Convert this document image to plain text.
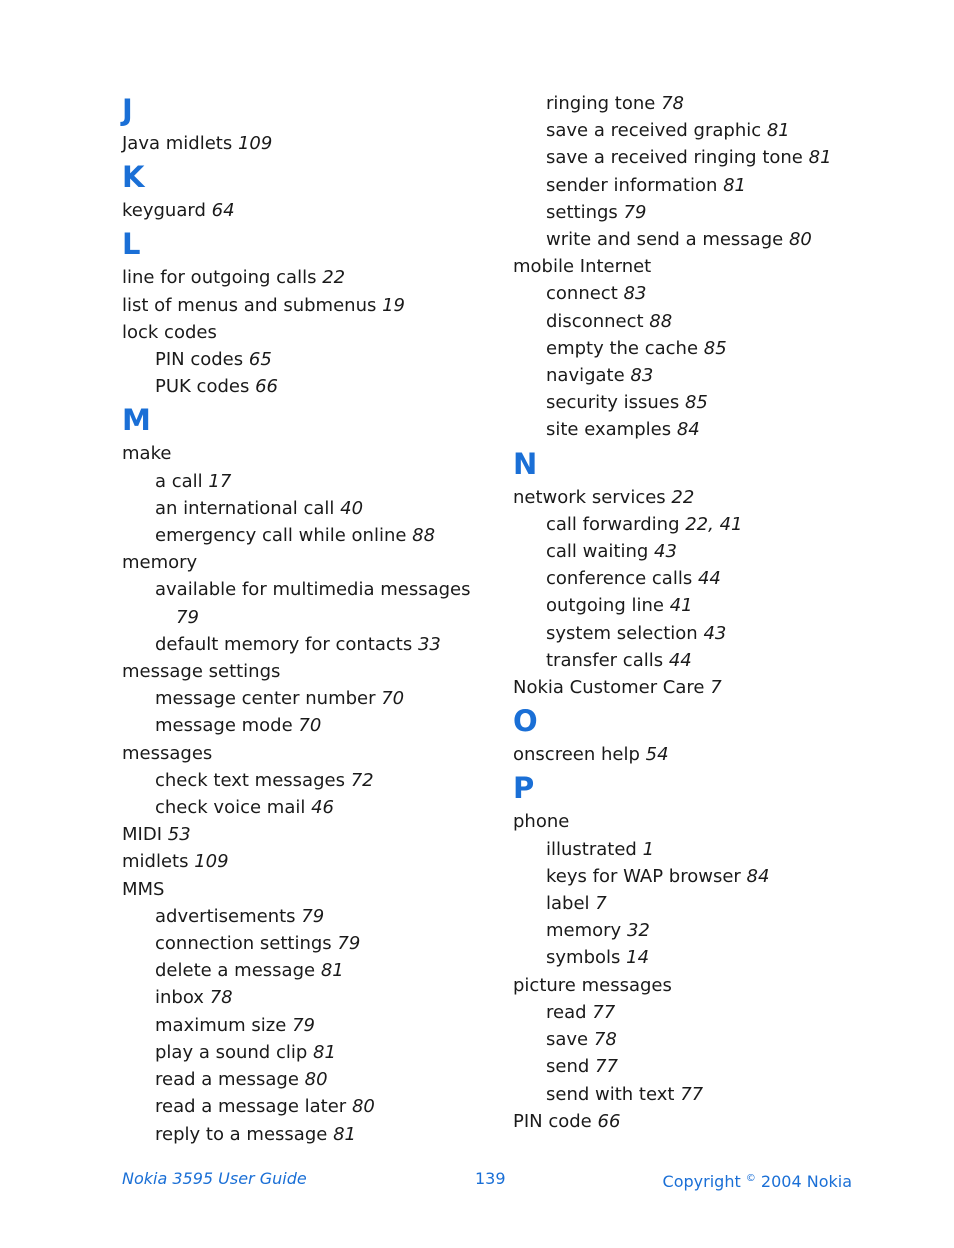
J
Java midlets 109
K
keyguard 64
L
line for outgoing calls 22
list of menus and submenus 19
lock codes
PIN codes 65
PUK codes 66
M
make
a call 17
an international call 40
emergency call while online 88
memory
available for multimedia messages
79
default memory for contacts 33
message settings
message center number 70
message mode 70
messages
check text messages 72
check voice mail 46
MIDI 53
midlets 109
MMS
advertisements 79
connection settings 79
delete a message 81
inbox 78
maximum size 79
play a sound clip 81
read a message 80
read a message later 80
reply to a message 81
ringing tone 78
save a received graphic 81
save a received ringing tone 81
sender information 81
settings 79
write and send a message 80
mobile Internet
connect 83
disconnect 88
empty the cache 85
navigate 83
security issues 85
site examples 84
N
network services 22
call forwarding 22, 41
call waiting 43
conference calls 44
outgoing line 41
system selection 43
transfer calls 44
Nokia Customer Care 7
O
onscreen help 54
P
phone
illustrated 1
keys for WAP browser 84
label 7
memory 32
symbols 14
picture messages
read 77
save 78
send 77
send with text 77
PIN code 66
Nokia 3595 User Guide	139	Copyright © 2004 Nokia
